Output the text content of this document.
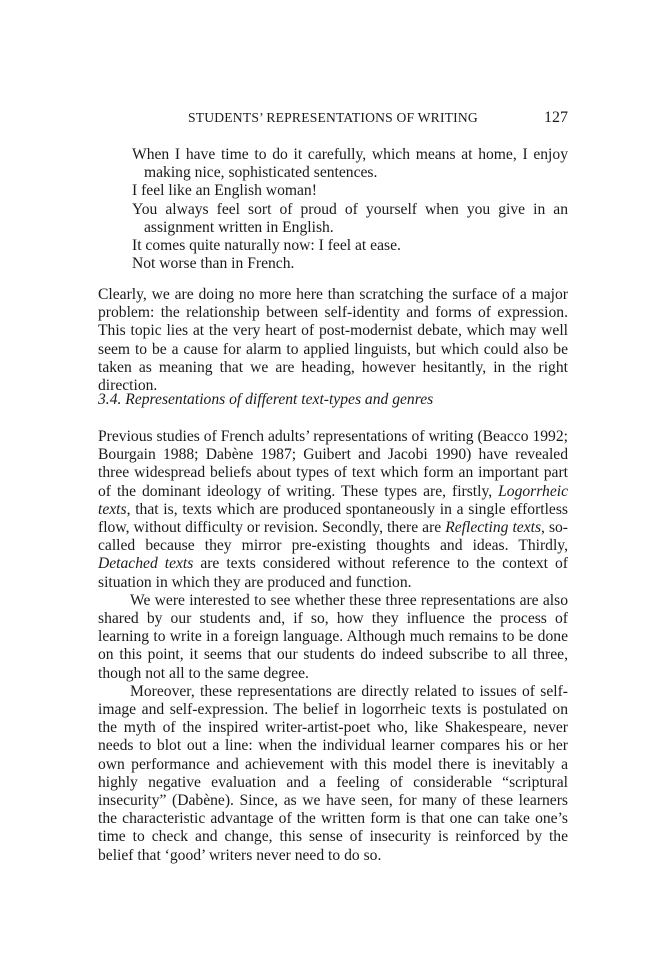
STUDENTS’ REPRESENTATIONS OF WRITING	127

When I have time to do it carefully, which means at home, I enjoy making nice, sophisticated sentences.

I feel like an English woman!

You always feel sort of proud of yourself when you give in an assignment written in English.

It comes quite naturally now: I feel at ease.

Not worse than in French.

Clearly, we are doing no more here than scratching the surface of a major problem: the relationship between self-identity and forms of expression. This topic lies at the very heart of post-modernist debate, which may well seem to be a cause for alarm to applied linguists, but which could also be taken as meaning that we are heading, however hesitantly, in the right direction.

3.4. Representations of different text-types and genres

Previous studies of French adults’ representations of writing (Beacco 1992; Bourgain 1988; Dabène 1987; Guibert and Jacobi 1990) have revealed three widespread beliefs about types of text which form an important part of the dominant ideology of writing. These types are, firstly, Logorrheic texts, that is, texts which are produced spontaneously in a single effortless flow, without difficulty or revision. Secondly, there are Reflecting texts, so-called because they mirror pre-existing thoughts and ideas. Thirdly, Detached texts are texts considered without reference to the context of situation in which they are produced and function.

We were interested to see whether these three representations are also shared by our students and, if so, how they influence the process of learning to write in a foreign language. Although much remains to be done on this point, it seems that our students do indeed subscribe to all three, though not all to the same degree.

Moreover, these representations are directly related to issues of self-image and self-expression. The belief in logorrheic texts is postulated on the myth of the inspired writer-artist-poet who, like Shakespeare, never needs to blot out a line: when the individual learner compares his or her own performance and achievement with this model there is inevitably a highly negative evaluation and a feeling of considerable “scriptural insecurity” (Dabène). Since, as we have seen, for many of these learners the characteristic advantage of the written form is that one can take one’s time to check and change, this sense of insecurity is reinforced by the belief that ‘good’ writers never need to do so.
